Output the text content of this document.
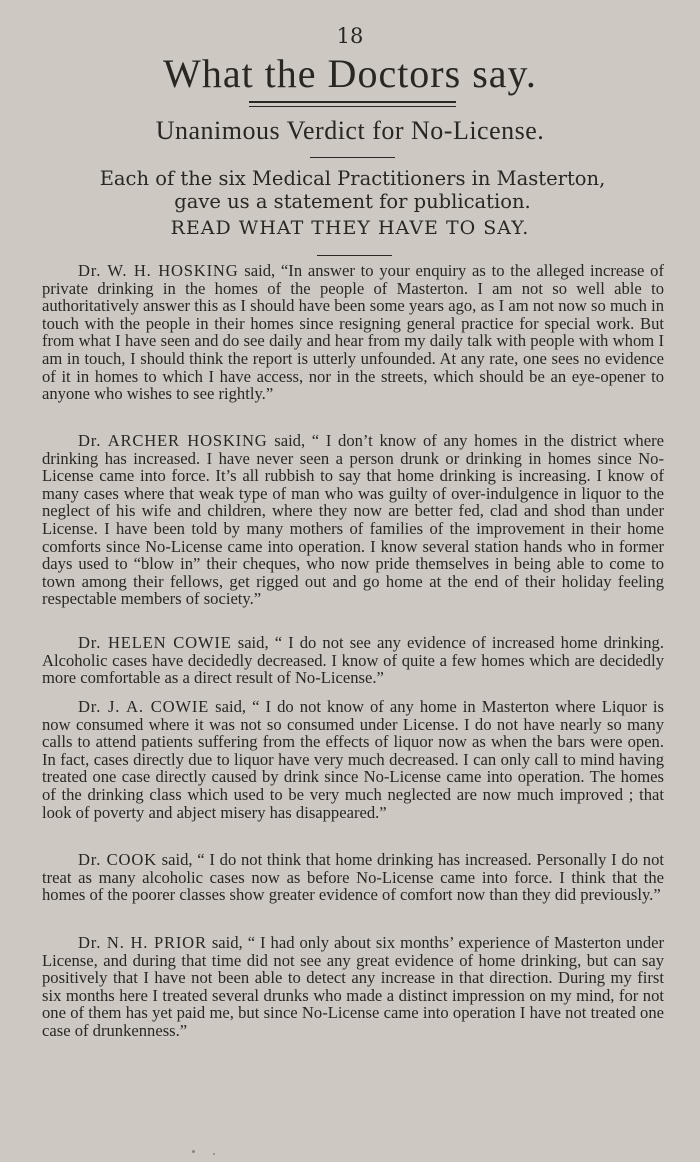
18
What the Doctors say.
Unanimous Verdict for No-License.
Each of the six Medical Practitioners in Masterton, gave us a statement for publication.
READ WHAT THEY HAVE TO SAY.

Dr. W. H. HOSKING said, “In answer to your enquiry as to the alleged increase of private drinking in the homes of the people of Masterton. I am not so well able to authoritatively answer this as I should have been some years ago, as I am not now so much in touch with the people in their homes since resigning general practice for special work. But from what I have seen and do see daily and hear from my daily talk with people with whom I am in touch, I should think the report is utterly unfounded. At any rate, one sees no evidence of it in homes to which I have access, nor in the streets, which should be an eye-opener to anyone who wishes to see rightly.”

Dr. ARCHER HOSKING said, “ I don’t know of any homes in the district where drinking has increased. I have never seen a person drunk or drinking in homes since No-License came into force. It’s all rubbish to say that home drinking is increasing. I know of many cases where that weak type of man who was guilty of over-indulgence in liquor to the neglect of his wife and children, where they now are better fed, clad and shod than under License. I have been told by many mothers of families of the improvement in their home comforts since No-License came into operation. I know several station hands who in former days used to “blow in” their cheques, who now pride themselves in being able to come to town among their fellows, get rigged out and go home at the end of their holiday feeling respectable members of society.”

Dr. HELEN COWIE said, “ I do not see any evidence of increased home drinking. Alcoholic cases have decidedly decreased. I know of quite a few homes which are decidedly more comfortable as a direct result of No-License.”

Dr. J. A. COWIE said, “ I do not know of any home in Masterton where Liquor is now consumed where it was not so consumed under License. I do not have nearly so many calls to attend patients suffering from the effects of liquor now as when the bars were open. In fact, cases directly due to liquor have very much decreased. I can only call to mind having treated one case directly caused by drink since No-License came into operation. The homes of the drinking class which used to be very much neglected are now much improved ; that look of poverty and abject misery has disappeared.”

Dr. COOK said, “ I do not think that home drinking has increased. Personally I do not treat as many alcoholic cases now as before No-License came into force. I think that the homes of the poorer classes show greater evidence of comfort now than they did previously.”

Dr. N. H. PRIOR said, “ I had only about six months’ experience of Masterton under License, and during that time did not see any great evidence of home drinking, but can say positively that I have not been able to detect any increase in that direction. During my first six months here I treated several drunks who made a distinct impression on my mind, for not one of them has yet paid me, but since No-License came into operation I have not treated one case of drunkenness.”
